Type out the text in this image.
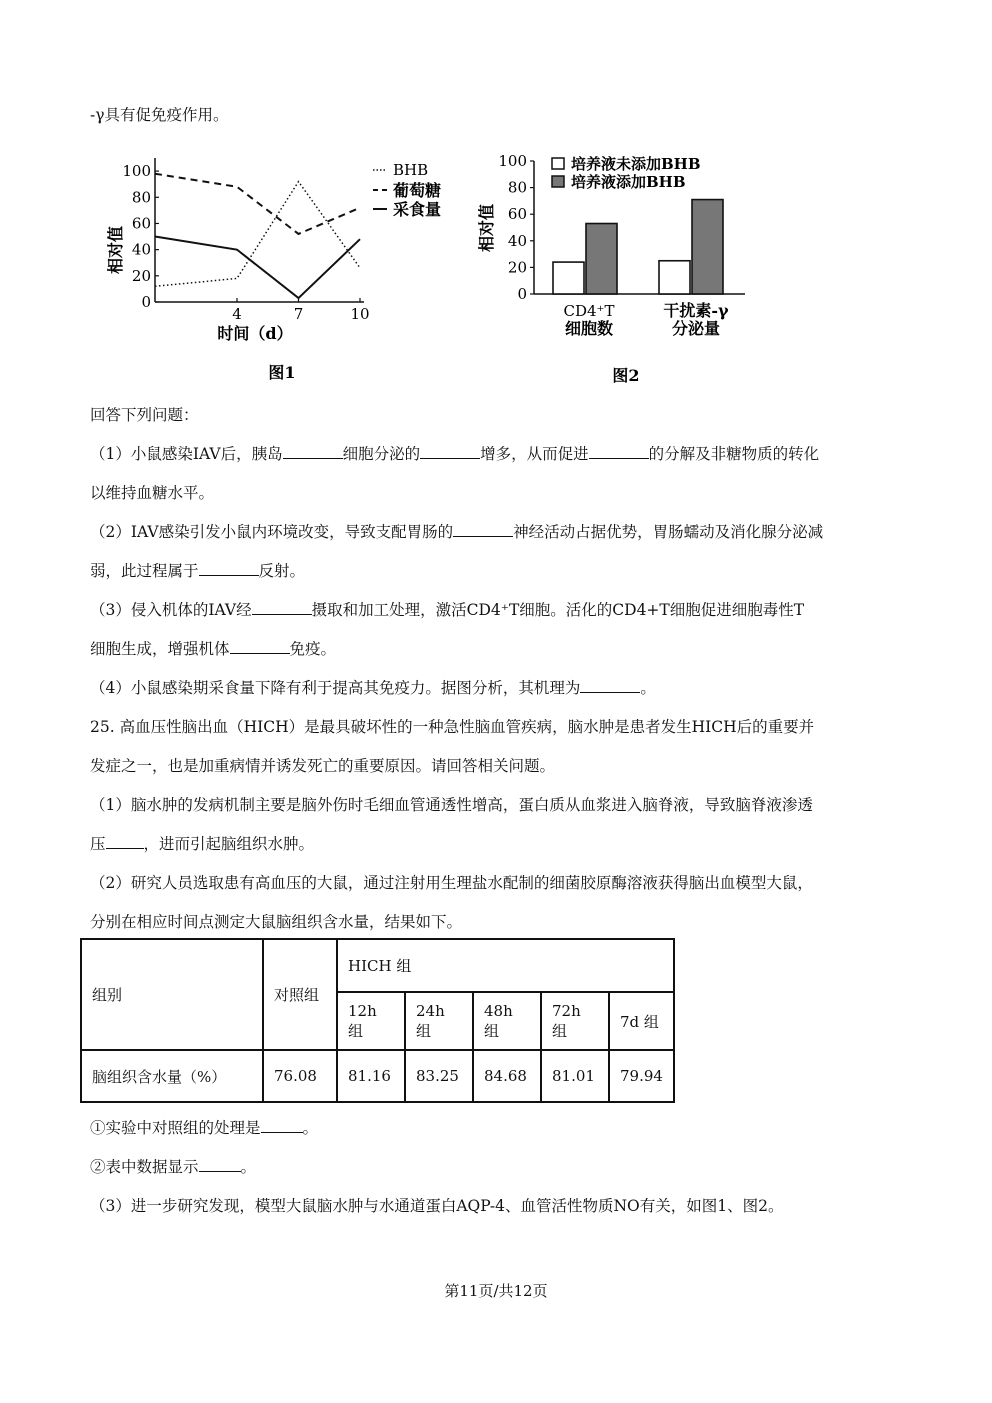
-γ具有促免疫作用。
0
20
40
60
80
100
4	7	10
相对值
时间（d）
BHB
葡萄糖
采食量
图1
0
20
40
60
80
100
相对值
培养液未添加BHB
培养液添加BHB
CD4⁺T
细胞数
干扰素-γ
分泌量
图2
回答下列问题：
（1）小鼠感染IAV后，胰岛	细胞分泌的	增多，从而促进	的分解及非糖物质的转化
以维持血糖水平。
（2）IAV感染引发小鼠内环境改变，导致支配胃肠的	神经活动占据优势，胃肠蠕动及消化腺分泌减
弱，此过程属于	反射。
（3）侵入机体的IAV经	摄取和加工处理，激活CD4⁺T细胞。活化的CD4+T细胞促进细胞毒性T
细胞生成，增强机体	免疫。
（4）小鼠感染期采食量下降有利于提高其免疫力。据图分析，其机理为	。
25. 高血压性脑出血（HICH）是最具破坏性的一种急性脑血管疾病，脑水肿是患者发生HICH后的重要并
发症之一，也是加重病情并诱发死亡的重要原因。请回答相关问题。
（1）脑水肿的发病机制主要是脑外伤时毛细血管通透性增高，蛋白质从血浆进入脑脊液，导致脑脊液渗透
压 ，进而引起脑组织水肿。
（2）研究人员选取患有高血压的大鼠，通过注射用生理盐水配制的细菌胶原酶溶液获得脑出血模型大鼠，
分别在相应时间点测定大鼠脑组织含水量，结果如下。
组别	对照组	HICH 组				
		12h 组	24h 组	48h 组	72h 组	7d 组
脑组织含水量（%）	76.08	81.16	83.25	84.68	81.01	79.94
①实验中对照组的处理是	。
②表中数据显示	。
（3）进一步研究发现，模型大鼠脑水肿与水通道蛋白AQP-4、血管活性物质NO有关，如图1、图2。
第11页/共12页
